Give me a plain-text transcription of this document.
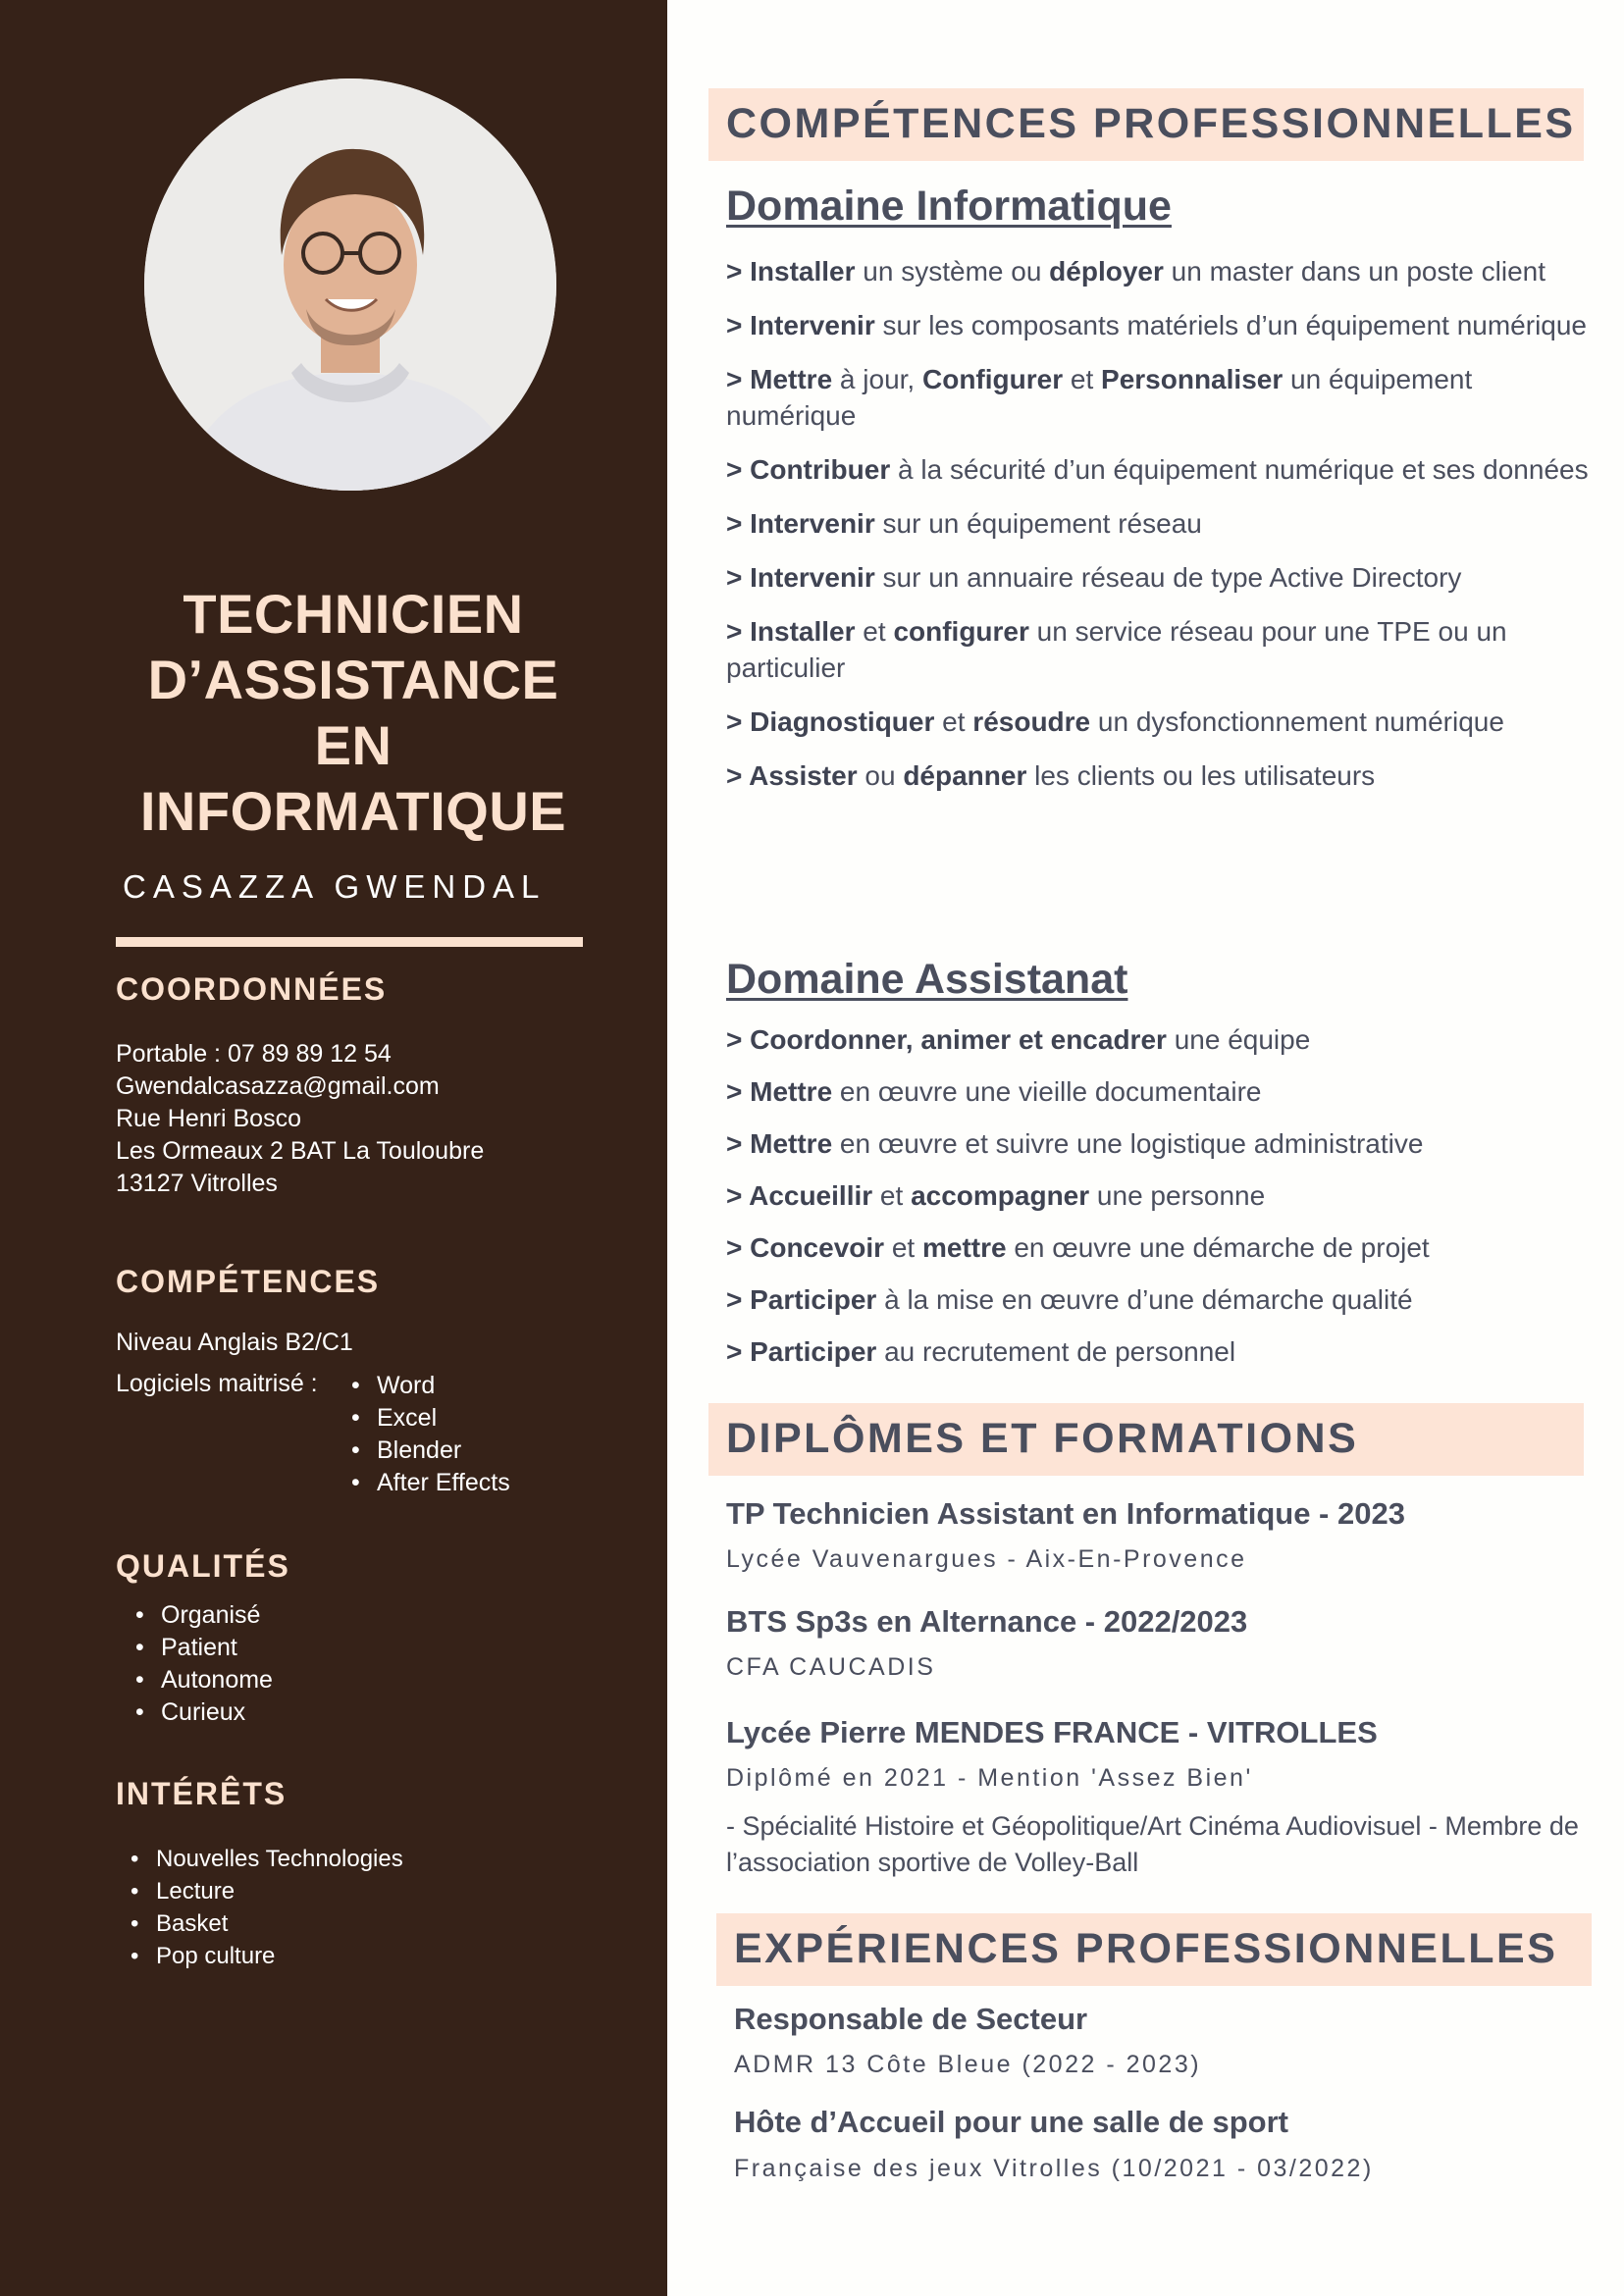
TECHNICIEN
D’ASSISTANCE
EN
INFORMATIQUE

CASAZZA GWENDAL

COORDONNÉES

Portable : 07 89 89 12 54
Gwendalcasazza@gmail.com
Rue Henri Bosco
Les Ormeaux 2 BAT La Touloubre
13127 Vitrolles

COMPÉTENCES

Niveau Anglais B2/C1

Logiciels maitrisé :

•	Word
• Excel
• Blender
• After Effects
QUALITÉS
• Organisé
• Patient
• Autonome
• Curieux
INTÉRÊTS
• Nouvelles Technologies
• Lecture
• Basket
• Pop culture
COMPÉTENCES PROFESSIONNELLES
Domaine Informatique
> Installer un système ou déployer un master dans un poste client
> Intervenir sur les composants matériels d’un équipement numérique
> Mettre à jour, Configurer et Personnaliser un équipement numérique
> Contribuer à la sécurité d’un équipement numérique et ses données
> Intervenir sur un équipement réseau
> Intervenir sur un annuaire réseau de type Active Directory
> Installer et configurer un service réseau pour une TPE ou un particulier
> Diagnostiquer et résoudre un dysfonctionnement numérique
> Assister ou dépanner les clients ou les utilisateurs
Domaine Assistanat
> Coordonner, animer et encadrer une équipe
> Mettre en œuvre une vieille documentaire
> Mettre en œuvre et suivre une logistique administrative
> Accueillir et accompagner une personne
> Concevoir et mettre en œuvre une démarche de projet
> Participer à la mise en œuvre d’une démarche qualité
> Participer au recrutement de personnel
DIPLÔMES ET FORMATIONS

TP Technicien Assistant en Informatique - 2023

Lycée Vauvenargues - Aix-En-Provence

BTS Sp3s en Alternance - 2022/2023

CFA CAUCADIS

Lycée Pierre MENDES FRANCE - VITROLLES

Diplômé en 2021 - Mention 'Assez Bien'

- Spécialité Histoire et Géopolitique/Art Cinéma Audiovisuel - Membre de l’association sportive de Volley-Ball

EXPÉRIENCES PROFESSIONNELLES

Responsable de Secteur

ADMR 13 Côte Bleue (2022 - 2023)

Hôte d’Accueil pour une salle de sport

Française des jeux Vitrolles (10/2021 - 03/2022)
